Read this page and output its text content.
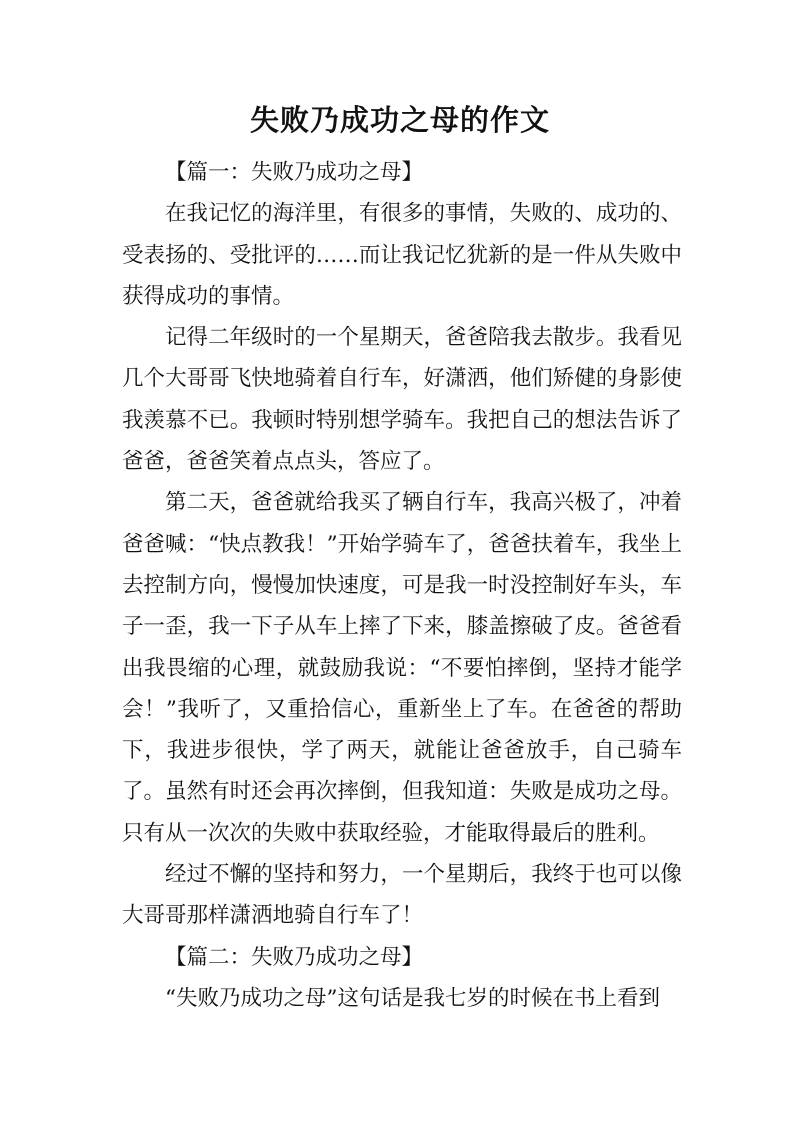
失败乃成功之母的作文

【篇一：失败乃成功之母】

在我记忆的海洋里，有很多的事情，失败的、成功的、受表扬的、受批评的……而让我记忆犹新的是一件从失败中获得成功的事情。

记得二年级时的一个星期天，爸爸陪我去散步。我看见几个大哥哥飞快地骑着自行车，好潇洒，他们矫健的身影使我羡慕不已。我顿时特别想学骑车。我把自己的想法告诉了爸爸，爸爸笑着点点头，答应了。

第二天，爸爸就给我买了辆自行车，我高兴极了，冲着爸爸喊：“快点教我！”开始学骑车了，爸爸扶着车，我坐上去控制方向，慢慢加快速度，可是我一时没控制好车头，车子一歪，我一下子从车上摔了下来，膝盖擦破了皮。爸爸看出我畏缩的心理，就鼓励我说：“不要怕摔倒，坚持才能学会！”我听了，又重拾信心，重新坐上了车。在爸爸的帮助下，我进步很快，学了两天，就能让爸爸放手，自己骑车了。虽然有时还会再次摔倒，但我知道：失败是成功之母。只有从一次次的失败中获取经验，才能取得最后的胜利。

经过不懈的坚持和努力，一个星期后，我终于也可以像大哥哥那样潇洒地骑自行车了！

【篇二：失败乃成功之母】

“失败乃成功之母”这句话是我七岁的时候在书上看到
